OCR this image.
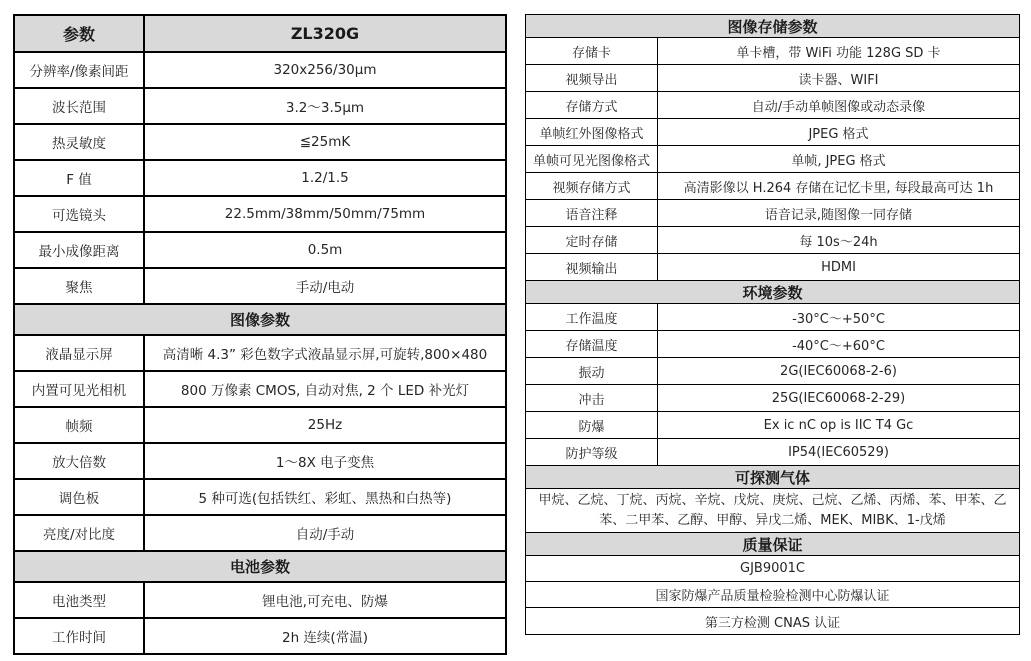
参数	ZL320G
分辨率/像素间距	320x256/30μm
波长范围	3.2～3.5μm
热灵敏度	≦25mK
F 值	1.2/1.5
可选镜头	22.5mm/38mm/50mm/75mm
最小成像距离	0.5m
聚焦	手动/电动
图像参数
液晶显示屏	高清晰 4.3” 彩色数字式液晶显示屏,可旋转,800×480
内置可见光相机	800 万像素 CMOS, 自动对焦, 2 个 LED 补光灯
帧频	25Hz
放大倍数	1～8X 电子变焦
调色板	5 种可选(包括铁红、彩虹、黑热和白热等)
亮度/对比度	自动/手动
电池参数
电池类型	锂电池,可充电、防爆
工作时间	2h 连续(常温)
图像存储参数
存储卡	单卡槽，带 WiFi 功能 128G SD 卡
视频导出	读卡器、WIFI
存储方式	自动/手动单帧图像或动态录像
单帧红外图像格式	JPEG 格式
单帧可见光图像格式	单帧, JPEG 格式
视频存储方式	高清影像以 H.264 存储在记忆卡里, 每段最高可达 1h
语音注释	语音记录,随图像一同存储
定时存储	每 10s～24h
视频输出	HDMI
环境参数
工作温度	-30°C～+50°C
存储温度	-40°C～+60°C
振动	2G(IEC60068-2-6)
冲击	25G(IEC60068-2-29)
防爆	Ex ic nC op is IIC T4 Gc
防护等级	IP54(IEC60529)
可探测气体
甲烷、乙烷、丁烷、丙烷、辛烷、戊烷、庚烷、己烷、乙烯、丙烯、苯、甲苯、乙苯、二甲苯、乙醇、甲醇、异戊二烯、MEK、MIBK、1-戊烯
质量保证
GJB9001C
国家防爆产品质量检验检测中心防爆认证
第三方检测 CNAS 认证
